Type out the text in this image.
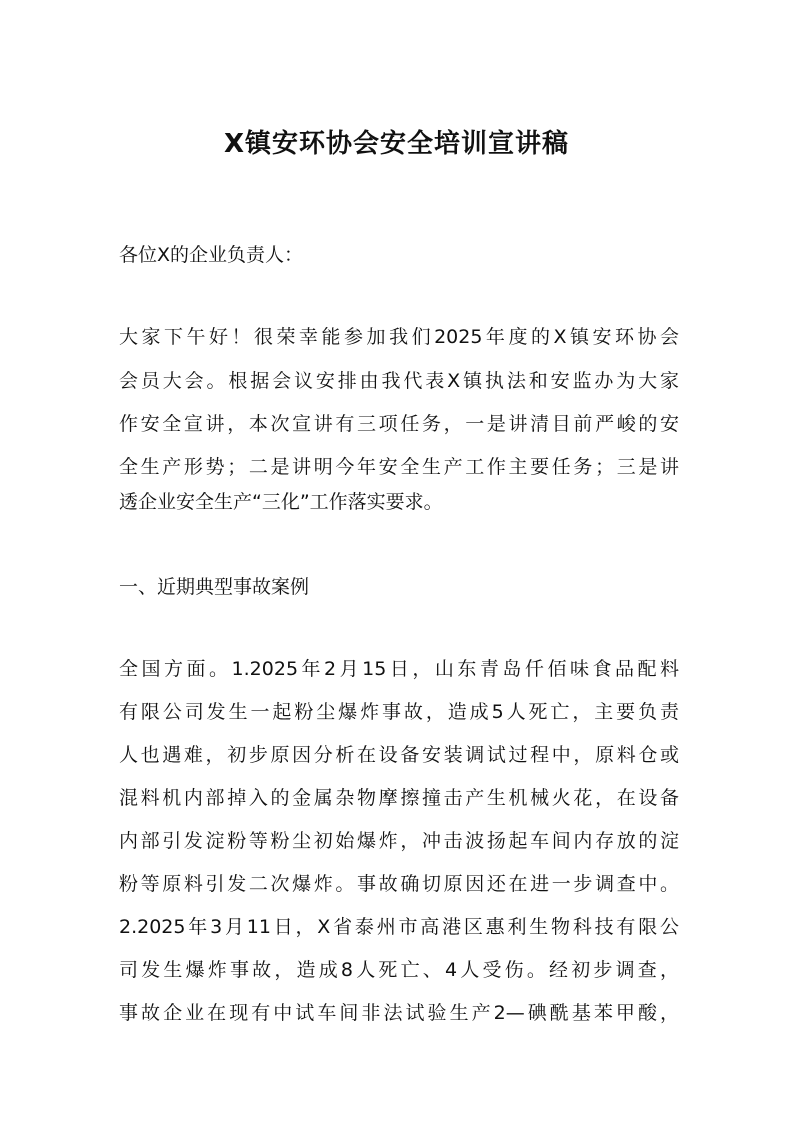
X镇安环协会安全培训宣讲稿

各位X的企业负责人：

大家下午好！很荣幸能参加我们2025年度的X镇安环协会

会员大会。根据会议安排由我代表X镇执法和安监办为大家

作安全宣讲，本次宣讲有三项任务，一是讲清目前严峻的安

全生产形势；二是讲明今年安全生产工作主要任务；三是讲

透企业安全生产“三化”工作落实要求。

一、近期典型事故案例

全国方面。1.2025年2月15日，山东青岛仟佰味食品配料

有限公司发生一起粉尘爆炸事故，造成5人死亡，主要负责

人也遇难，初步原因分析在设备安装调试过程中，原料仓或

混料机内部掉入的金属杂物摩擦撞击产生机械火花，在设备

内部引发淀粉等粉尘初始爆炸，冲击波扬起车间内存放的淀

粉等原料引发二次爆炸。事故确切原因还在进一步调查中。

2.2025年3月11日，X省泰州市高港区惠利生物科技有限公

司发生爆炸事故，造成8人死亡、4人受伤。经初步调查，

事故企业在现有中试车间非法试验生产2—碘酰基苯甲酸，
